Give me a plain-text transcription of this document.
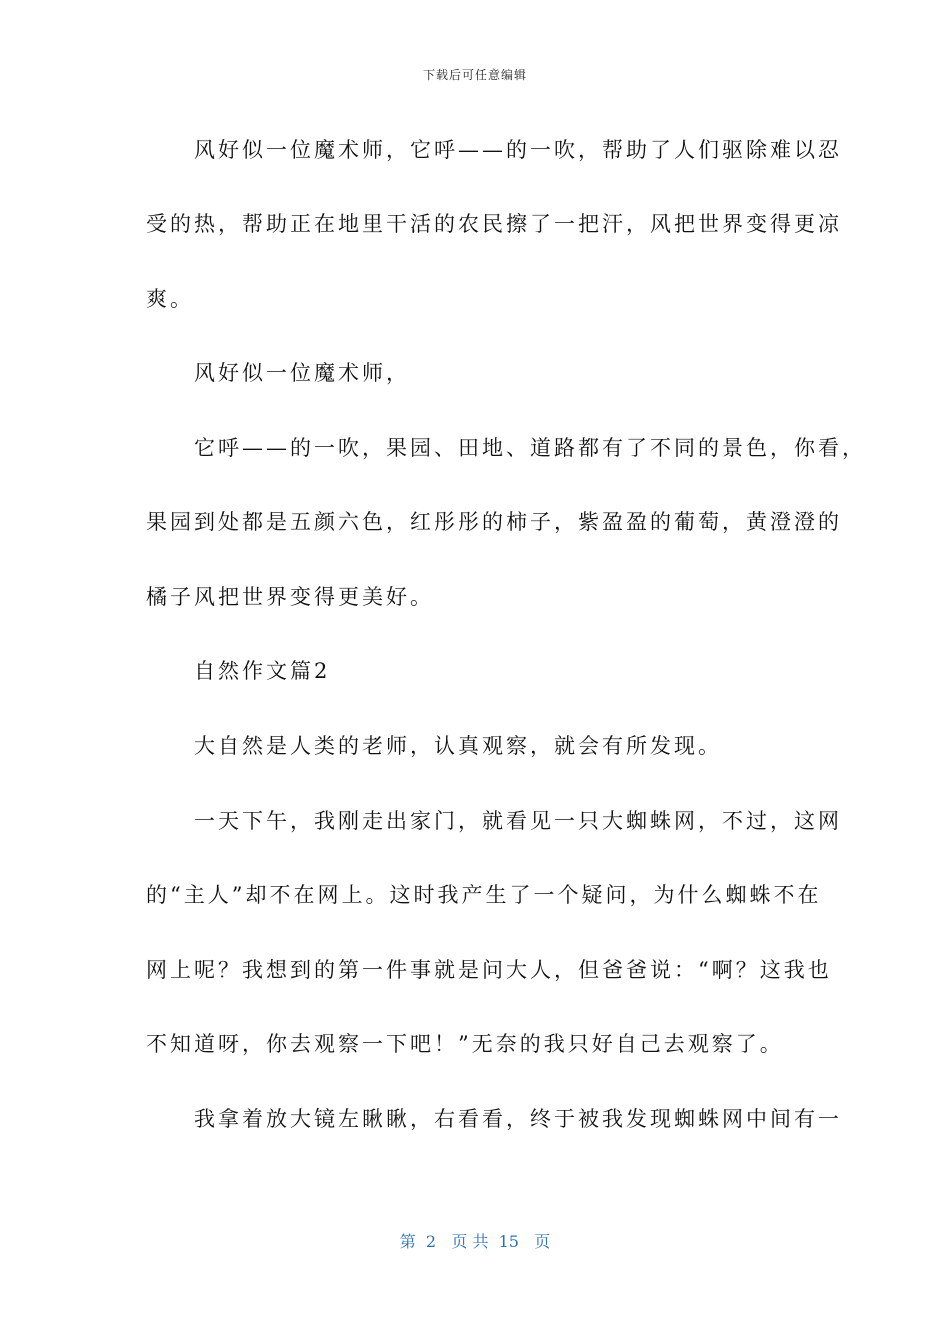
下载后可任意编辑
　　风好似一位魔术师，它呼——的一吹，帮助了人们驱除难以忍
受的热，帮助正在地里干活的农民擦了一把汗，风把世界变得更凉
爽。
　　风好似一位魔术师，
　　它呼——的一吹，果园、田地、道路都有了不同的景色，你看，
果园到处都是五颜六色，红彤彤的柿子，紫盈盈的葡萄，黄澄澄的
橘子风把世界变得更美好。
　　自然作文篇2
　　大自然是人类的老师，认真观察，就会有所发现。
　　一天下午，我刚走出家门，就看见一只大蜘蛛网，不过，这网
的“主人”却不在网上。这时我产生了一个疑问，为什么蜘蛛不在
网上呢？我想到的第一件事就是问大人，但爸爸说：“啊？这我也
不知道呀，你去观察一下吧！”无奈的我只好自己去观察了。
　　我拿着放大镜左瞅瞅，右看看，终于被我发现蜘蛛网中间有一
第  2   页 共  15   页
